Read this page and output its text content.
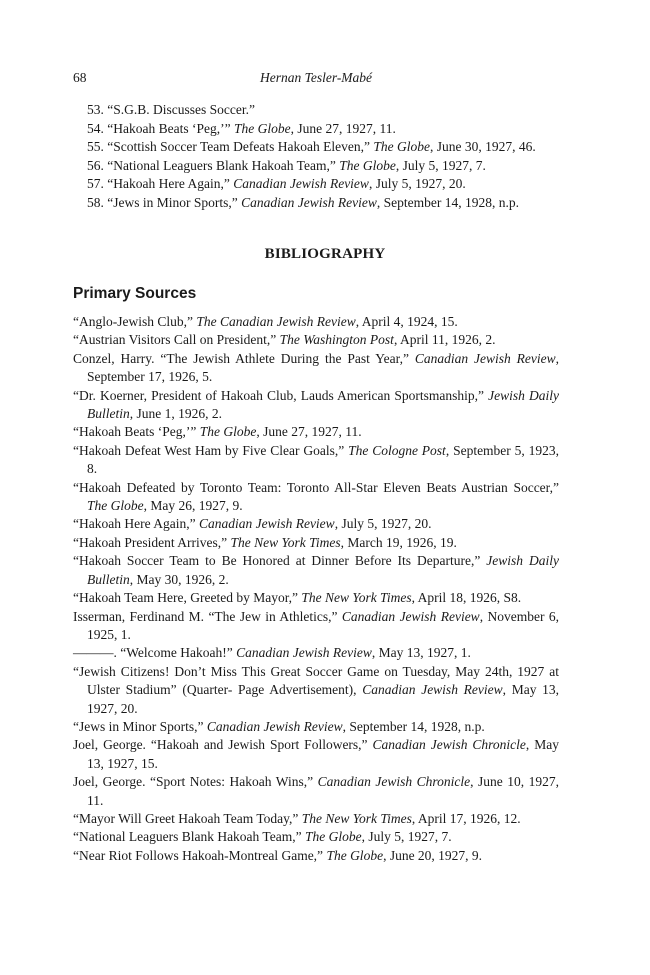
68	Hernan Tesler-Mabé
53. “S.G.B. Discusses Soccer.”
54. “Hakoah Beats ‘Peg,’” The Globe, June 27, 1927, 11.
55. “Scottish Soccer Team Defeats Hakoah Eleven,” The Globe, June 30, 1927, 46.
56. “National Leaguers Blank Hakoah Team,” The Globe, July 5, 1927, 7.
57. “Hakoah Here Again,” Canadian Jewish Review, July 5, 1927, 20.
58. “Jews in Minor Sports,” Canadian Jewish Review, September 14, 1928, n.p.
BIBLIOGRAPHY
Primary Sources
“Anglo-Jewish Club,” The Canadian Jewish Review, April 4, 1924, 15.
“Austrian Visitors Call on President,” The Washington Post, April 11, 1926, 2.
Conzel, Harry. “The Jewish Athlete During the Past Year,” Canadian Jewish Review, September 17, 1926, 5.
“Dr. Koerner, President of Hakoah Club, Lauds American Sportsmanship,” Jewish Daily Bulletin, June 1, 1926, 2.
“Hakoah Beats ‘Peg,’” The Globe, June 27, 1927, 11.
“Hakoah Defeat West Ham by Five Clear Goals,” The Cologne Post, September 5, 1923, 8.
“Hakoah Defeated by Toronto Team: Toronto All-Star Eleven Beats Austrian Soccer,” The Globe, May 26, 1927, 9.
“Hakoah Here Again,” Canadian Jewish Review, July 5, 1927, 20.
“Hakoah President Arrives,” The New York Times, March 19, 1926, 19.
“Hakoah Soccer Team to Be Honored at Dinner Before Its Departure,” Jewish Daily Bulletin, May 30, 1926, 2.
“Hakoah Team Here, Greeted by Mayor,” The New York Times, April 18, 1926, S8.
Isserman, Ferdinand M. “The Jew in Athletics,” Canadian Jewish Review, November 6, 1925, 1.
———. “Welcome Hakoah!” Canadian Jewish Review, May 13, 1927, 1.
“Jewish Citizens! Don’t Miss This Great Soccer Game on Tuesday, May 24th, 1927 at Ulster Stadium” (Quarter- Page Advertisement), Canadian Jewish Review, May 13, 1927, 20.
“Jews in Minor Sports,” Canadian Jewish Review, September 14, 1928, n.p.
Joel, George. “Hakoah and Jewish Sport Followers,” Canadian Jewish Chronicle, May 13, 1927, 15.
Joel, George. “Sport Notes: Hakoah Wins,” Canadian Jewish Chronicle, June 10, 1927, 11.
“Mayor Will Greet Hakoah Team Today,” The New York Times, April 17, 1926, 12.
“National Leaguers Blank Hakoah Team,” The Globe, July 5, 1927, 7.
“Near Riot Follows Hakoah-Montreal Game,” The Globe, June 20, 1927, 9.
